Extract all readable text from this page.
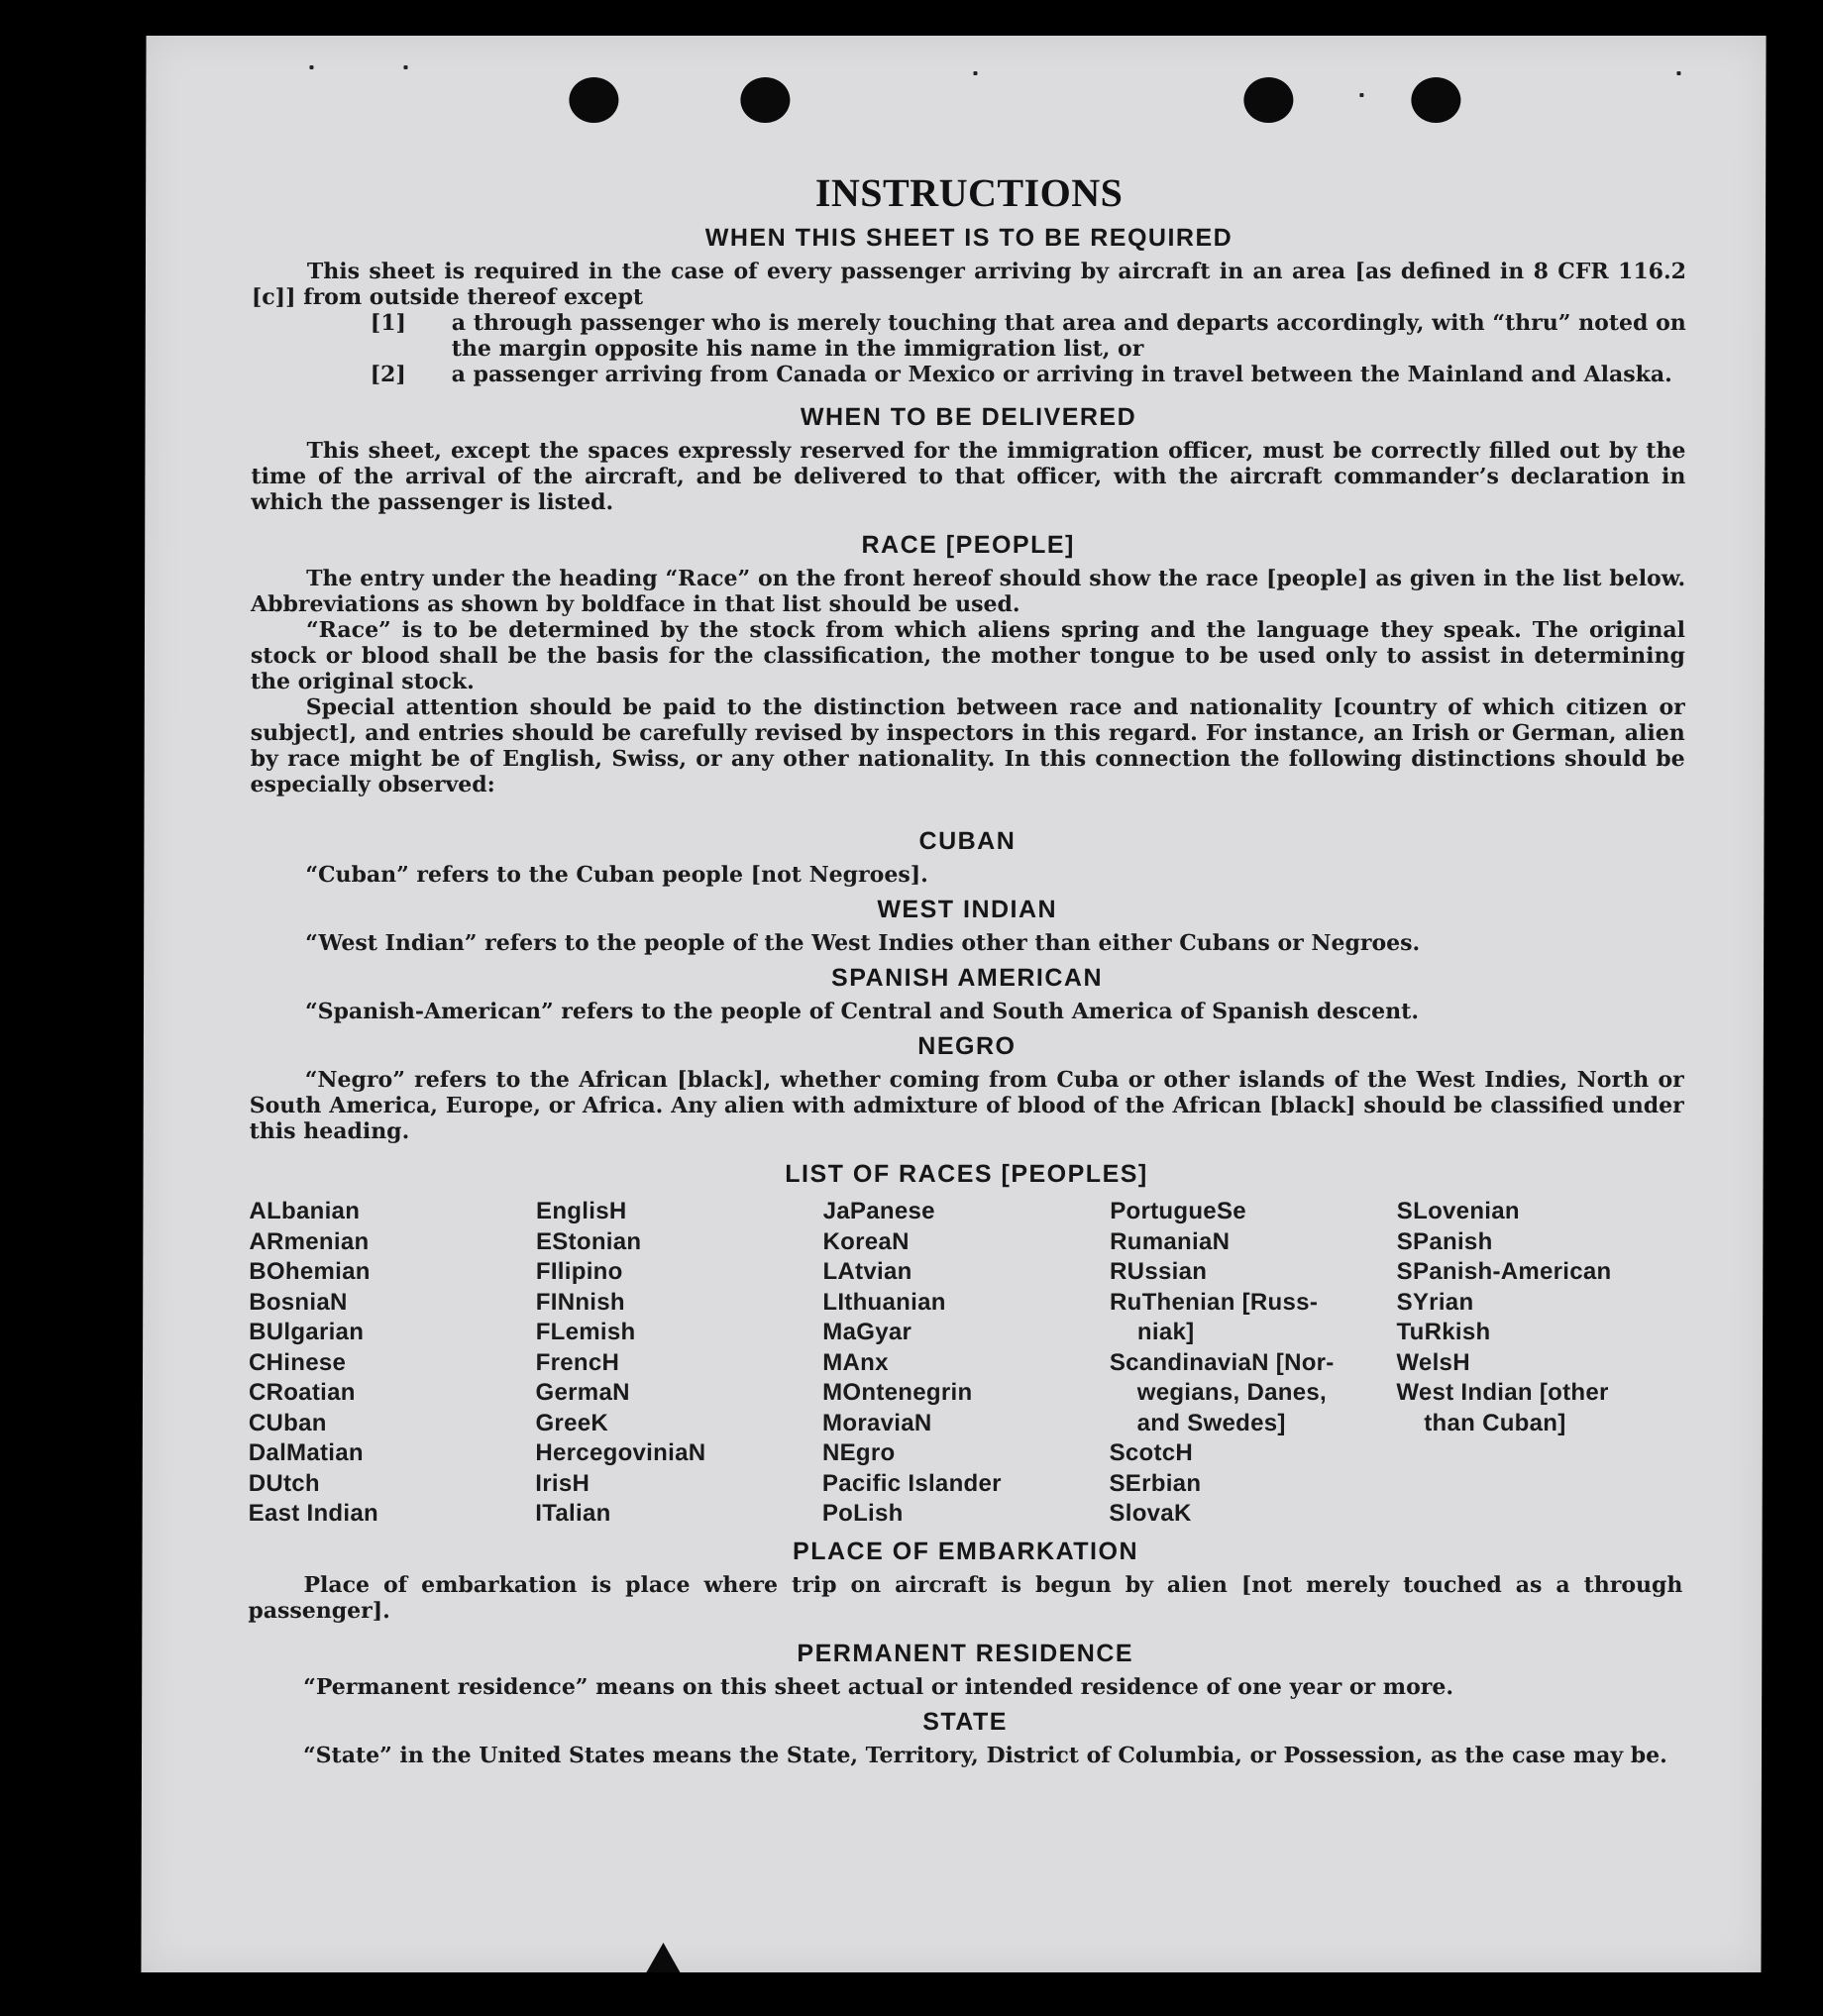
INSTRUCTIONS
WHEN THIS SHEET IS TO BE REQUIRED

This sheet is required in the case of every passenger arriving by aircraft in an area [as defined in 8 CFR 116.2 [c]] from outside thereof except

[1]	a through passenger who is merely touching that area and departs accordingly, with “thru” noted on the margin opposite his name in the immigration list, or
[2]	a passenger arriving from Canada or Mexico or arriving in travel between the Mainland and Alaska.
WHEN TO BE DELIVERED

This sheet, except the spaces expressly reserved for the immigration officer, must be correctly filled out by the time of the arrival of the aircraft, and be delivered to that officer, with the aircraft commander’s declaration in which the passenger is listed.

RACE [PEOPLE]

The entry under the heading “Race” on the front hereof should show the race [people] as given in the list below. Abbreviations as shown by boldface in that list should be used.

“Race” is to be determined by the stock from which aliens spring and the language they speak. The original stock or blood shall be the basis for the classification, the mother tongue to be used only to assist in determining the original stock.

Special attention should be paid to the distinction between race and nationality [country of which citizen or subject], and entries should be carefully revised by inspectors in this regard. For instance, an Irish or German, alien by race might be of English, Swiss, or any other nationality. In this connection the following distinctions should be especially observed:

CUBAN

“Cuban” refers to the Cuban people [not Negroes].

WEST INDIAN

“West Indian” refers to the people of the West Indies other than either Cubans or Negroes.

SPANISH AMERICAN

“Spanish-American” refers to the people of Central and South America of Spanish descent.

NEGRO

“Negro” refers to the African [black], whether coming from Cuba or other islands of the West Indies, North or South America, Europe, or Africa. Any alien with admixture of blood of the African [black] should be classified under this heading.

LIST OF RACES [PEOPLES]
ALbanian
ARmenian
BOhemian
BosniaN
BUlgarian
CHinese
CRoatian
CUban
DalMatian
DUtch
East Indian
EnglisH
EStonian
FIlipino
FINnish
FLemish
FrencH
GermaN
GreeK
HercegovinіaN
IrisH
ITalian
JaPanese
KoreaN
LAtvian
LIthuanian
MaGyar
MAnx
MOntenegrin
MoraviaN
NEgro
Pacific Islander
PoLish
PortugueSe
RumaniaN
RUssian
RuThenian [Russ-
niak]
ScandinaviaN [Nor-
wegians, Danes,
and Swedes]
ScotcH
SErbian
SlovaK
SLovenian
SPanish
SPanish-American
SYrian
TuRkish
WelsH
West Indian [other
than Cuban]
PLACE OF EMBARKATION

Place of embarkation is place where trip on aircraft is begun by alien [not merely touched as a through passenger].

PERMANENT RESIDENCE

“Permanent residence” means on this sheet actual or intended residence of one year or more.

STATE

“State” in the United States means the State, Territory, District of Columbia, or Possession, as the case may be.
